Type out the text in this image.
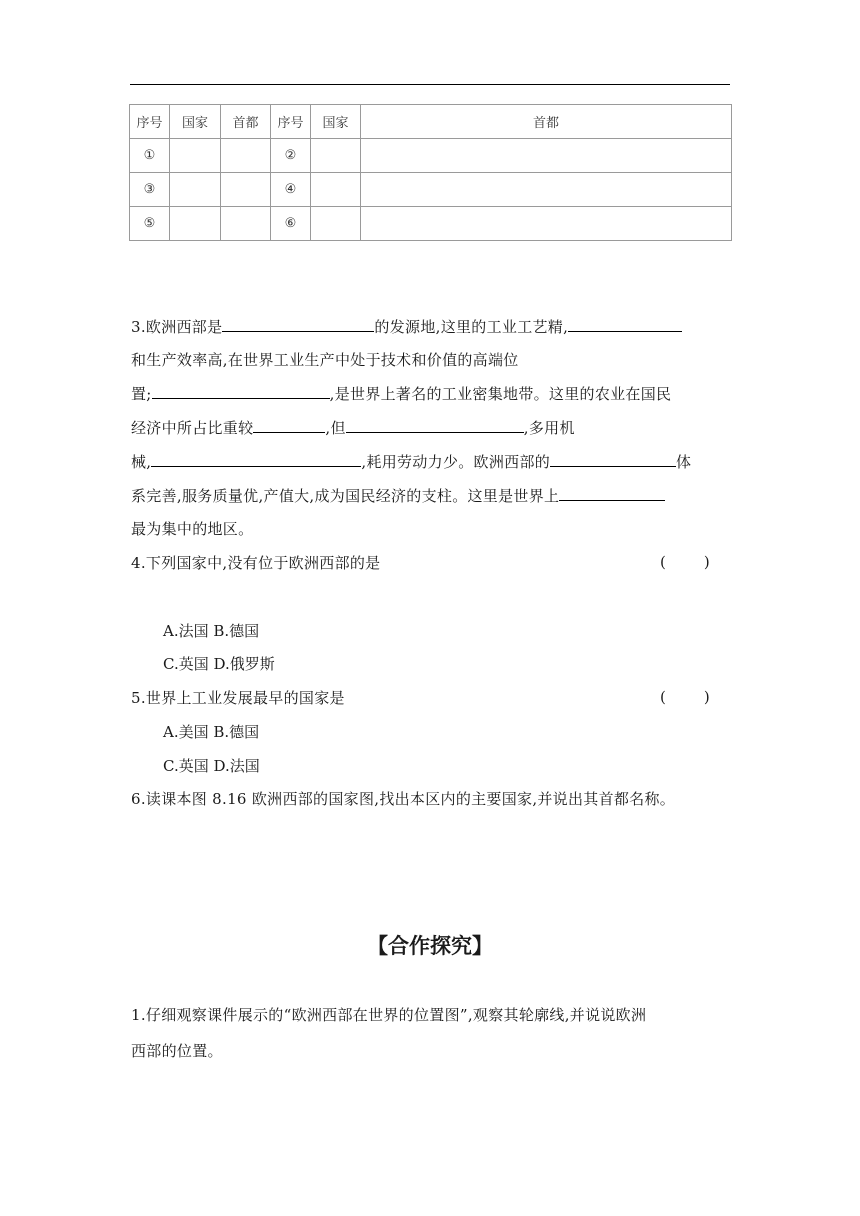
序号	国家	首都	序号	国家	首都
①			②		
③			④		
⑤			⑥		
3.欧洲西部是	的发源地,这里的工业工艺精,
和生产效率高,在世界工业生产中处于技术和价值的高端位
置;	,是世界上著名的工业密集地带。这里的农业在国民
经济中所占比重较	,但	,多用机
械,	,耗用劳动力少。欧洲西部的	体
系完善,服务质量优,产值大,成为国民经济的支柱。这里是世界上
最为集中的地区。
4.下列国家中,没有位于欧洲西部的是	()
A.法国 B.德国
C.英国 D.俄罗斯
5.世界上工业发展最早的国家是	()
A.美国 B.德国
C.英国 D.法国
6.读课本图 8.16 欧洲西部的国家图,找出本区内的主要国家,并说出其首都名称。
【合作探究】
1.仔细观察课件展示的“欧洲西部在世界的位置图”,观察其轮廓线,并说说欧洲
西部的位置。
